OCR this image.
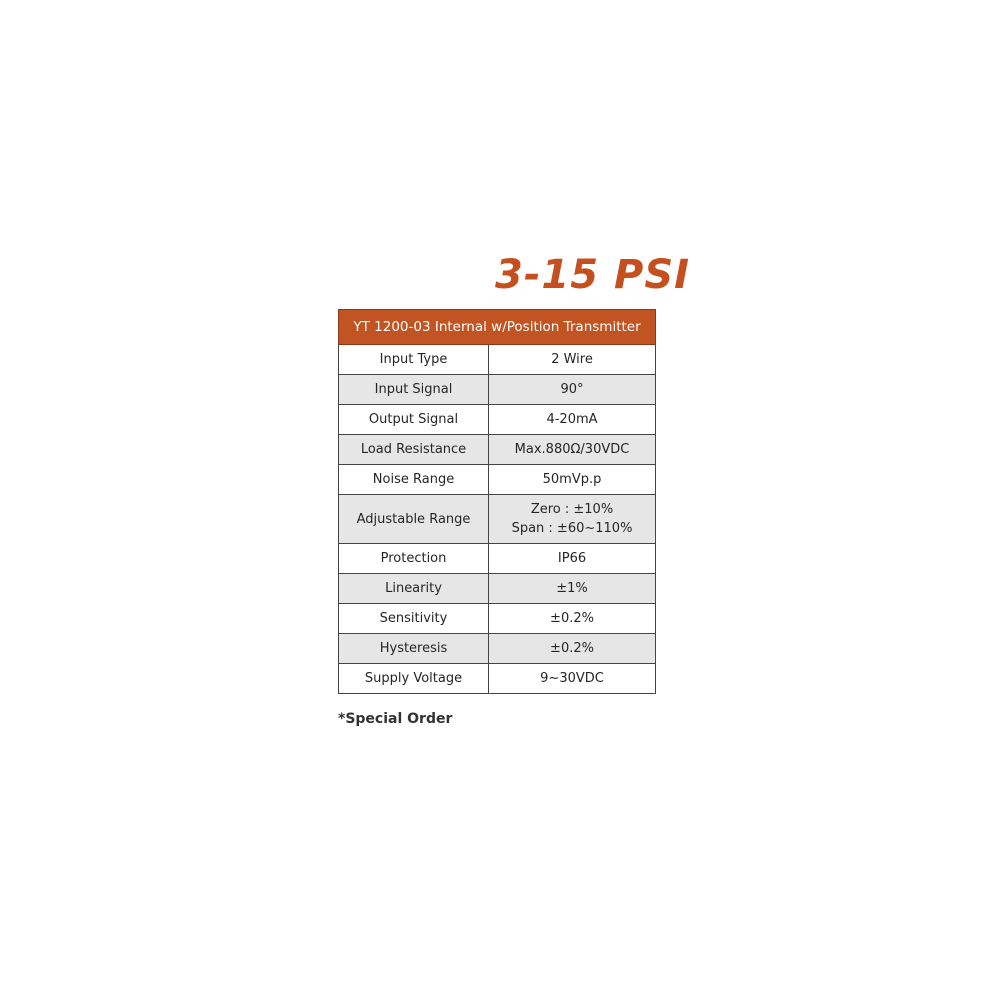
3-15 PSI
YT 1200-03 Internal w/Position Transmitter	
Input Type	2 Wire
Input Signal	90°
Output Signal	4-20mA
Load Resistance	Max.880Ω/30VDC
Noise Range	50mVp.p
Adjustable Range	Zero : ±10%
Span : ±60~110%

Protection	IP66
Linearity	±1%
Sensitivity	±0.2%
Hysteresis	±0.2%
Supply Voltage	9~30VDC
*Special Order
